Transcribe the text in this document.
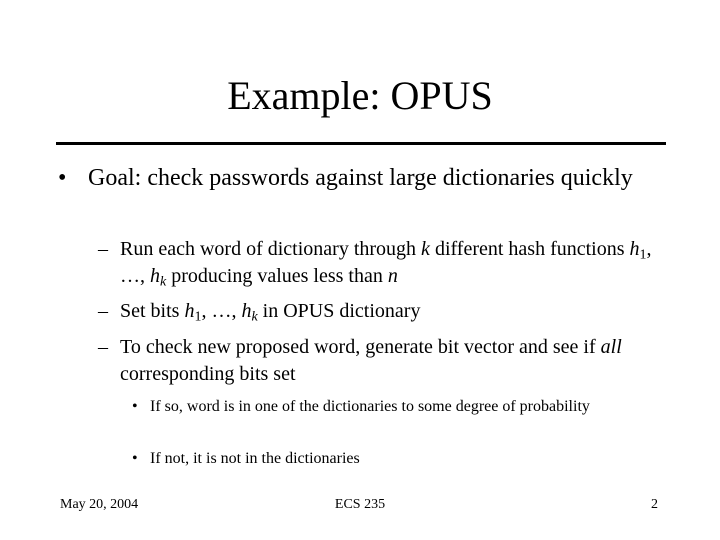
Example: OPUS
• Goal: check passwords against large dictionaries quickly
– Run each word of dictionary through k different hash functions $h_1$, …, $h_k$ producing values less than n
– Set bits $h_1$, …, $h_k$ in OPUS dictionary
– To check new proposed word, generate bit vector and see if all corresponding bits set
• If so, word is in one of the dictionaries to some degree of probability
• If not, it is not in the dictionaries
May 20, 2004	ECS 235	2
